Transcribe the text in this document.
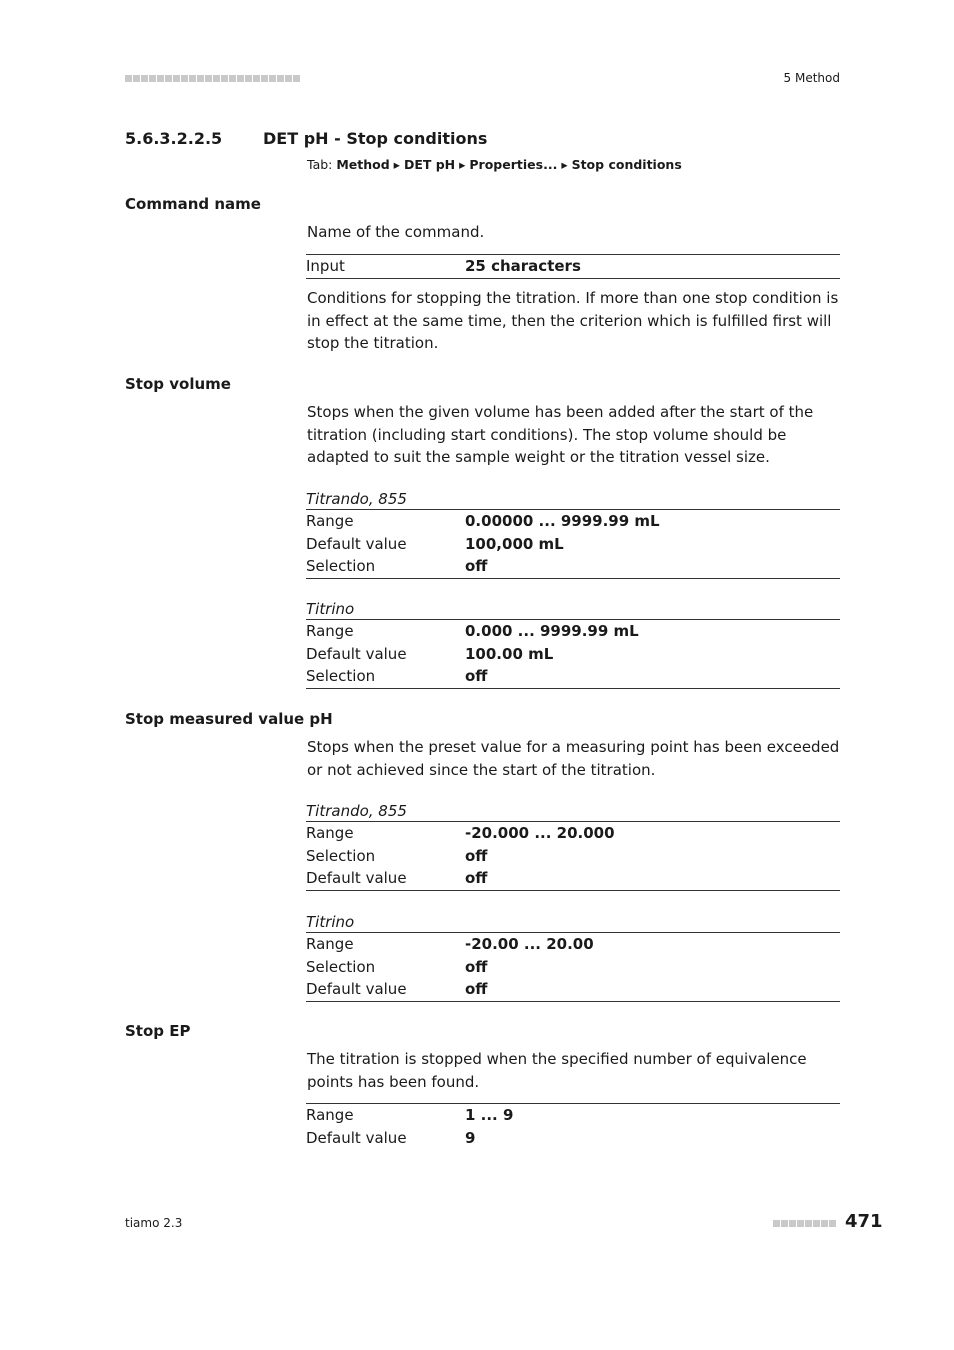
5 Method
5.6.3.2.2.5	DET pH - Stop conditions
Tab: Method ▸ DET pH ▸ Properties... ▸ Stop conditions
Command name
Name of the command.
Input	25 characters
Conditions for stopping the titration. If more than one stop condition is in effect at the same time, then the criterion which is fulfilled first will stop the titration.
Stop volume
Stops when the given volume has been added after the start of the titration (including start conditions). The stop volume should be adapted to suit the sample weight or the titration vessel size.
Titrando, 855
Range	0.00000 ... 9999.99 mL
Default value	100,000 mL
Selection	off
Titrino
Range	0.000 ... 9999.99 mL
Default value	100.00 mL
Selection	off
Stop measured value pH
Stops when the preset value for a measuring point has been exceeded or not achieved since the start of the titration.
Titrando, 855
Range	-20.000 ... 20.000
Selection	off
Default value	off
Titrino
Range	-20.00 ... 20.00
Selection	off
Default value	off
Stop EP
The titration is stopped when the specified number of equivalence points has been found.
Range	1 ... 9
Default value	9
tiamo 2.3	471
